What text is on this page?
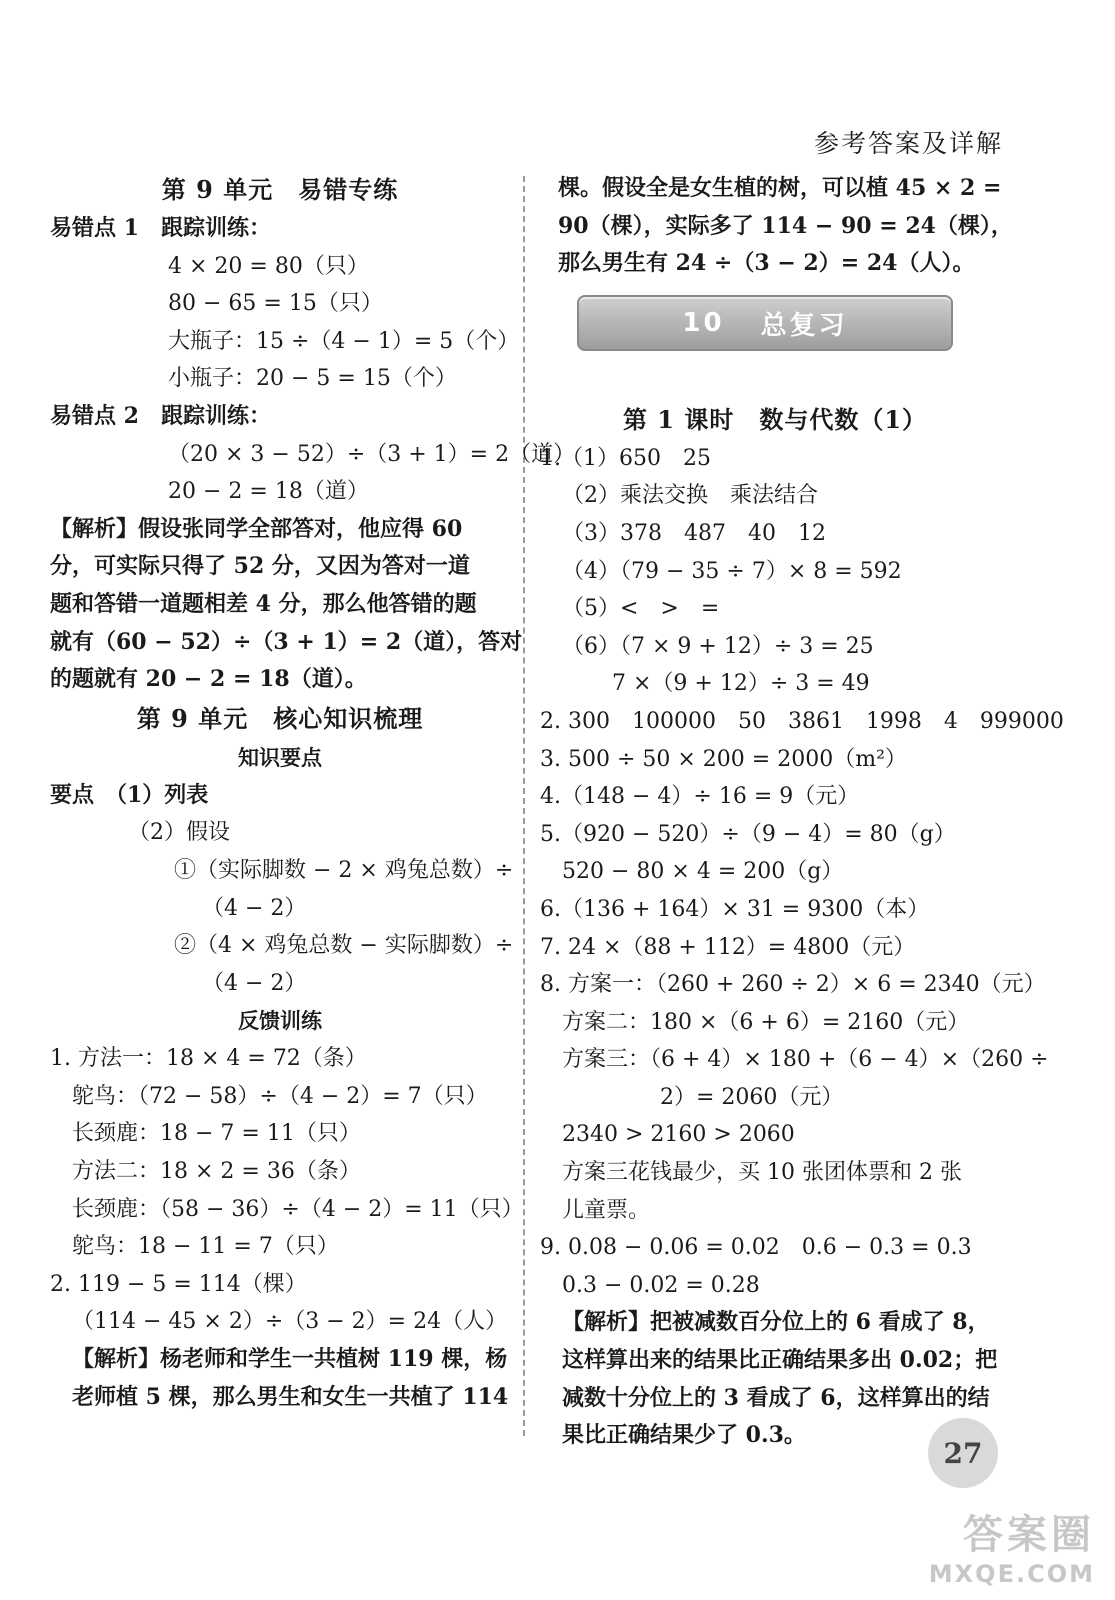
参考答案及详解
第 9 单元　易错专练
易错点 1　跟踪训练：
4 × 20 = 80（只）
80 − 65 = 15（只）
大瓶子：15 ÷（4 − 1）= 5（个）
小瓶子：20 − 5 = 15（个）
易错点 2　跟踪训练：
（20 × 3 − 52）÷（3 + 1）= 2（道）
20 − 2 = 18（道）
【解析】假设张同学全部答对，他应得 60
分，可实际只得了 52 分，又因为答对一道
题和答错一道题相差 4 分，那么他答错的题
就有（60 − 52）÷（3 + 1）= 2（道），答对
的题就有 20 − 2 = 18（道）。
第 9 单元　核心知识梳理
知识要点
要点　（1）列表
（2）假设
①（实际脚数 − 2 × 鸡兔总数）÷
（4 − 2）
②（4 × 鸡兔总数 − 实际脚数）÷
（4 − 2）
反馈训练
1. 方法一：18 × 4 = 72（条）
鸵鸟：（72 − 58）÷（4 − 2）= 7（只）
长颈鹿：18 − 7 = 11（只）
方法二：18 × 2 = 36（条）
长颈鹿：（58 − 36）÷（4 − 2）= 11（只）
鸵鸟：18 − 11 = 7（只）
2. 119 − 5 = 114（棵）
（114 − 45 × 2）÷（3 − 2）= 24（人）
【解析】杨老师和学生一共植树 119 棵，杨
老师植 5 棵，那么男生和女生一共植了 114
棵。假设全是女生植的树，可以植 45 × 2 =
90（棵），实际多了 114 − 90 = 24（棵），
那么男生有 24 ÷（3 − 2）= 24（人）。
第 1 课时　数与代数（1）
1.（1）650　25
（2）乘法交换　乘法结合
（3）378　487　40　12
（4）（79 − 35 ÷ 7）× 8 = 592
（5）<　>　=
（6）（7 × 9 + 12）÷ 3 = 25
7 ×（9 + 12）÷ 3 = 49
2. 300　100000　50　3861　1998　4　999000
3. 500 ÷ 50 × 200 = 2000（m²）
4.（148 − 4）÷ 16 = 9（元）
5.（920 − 520）÷（9 − 4）= 80（g）
520 − 80 × 4 = 200（g）
6.（136 + 164）× 31 = 9300（本）
7. 24 ×（88 + 112）= 4800（元）
8. 方案一：（260 + 260 ÷ 2）× 6 = 2340（元）
方案二：180 ×（6 + 6）= 2160（元）
方案三：（6 + 4）× 180 +（6 − 4）×（260 ÷
2）= 2060（元）
2340 > 2160 > 2060
方案三花钱最少，买 10 张团体票和 2 张
儿童票。
9. 0.08 − 0.06 = 0.02　0.6 − 0.3 = 0.3
0.3 − 0.02 = 0.28
【解析】把被减数百分位上的 6 看成了 8，
这样算出来的结果比正确结果多出 0.02；把
减数十分位上的 3 看成了 6，这样算出的结
果比正确结果少了 0.3。
10 总复习
27
答案圈
MXQE.COM
